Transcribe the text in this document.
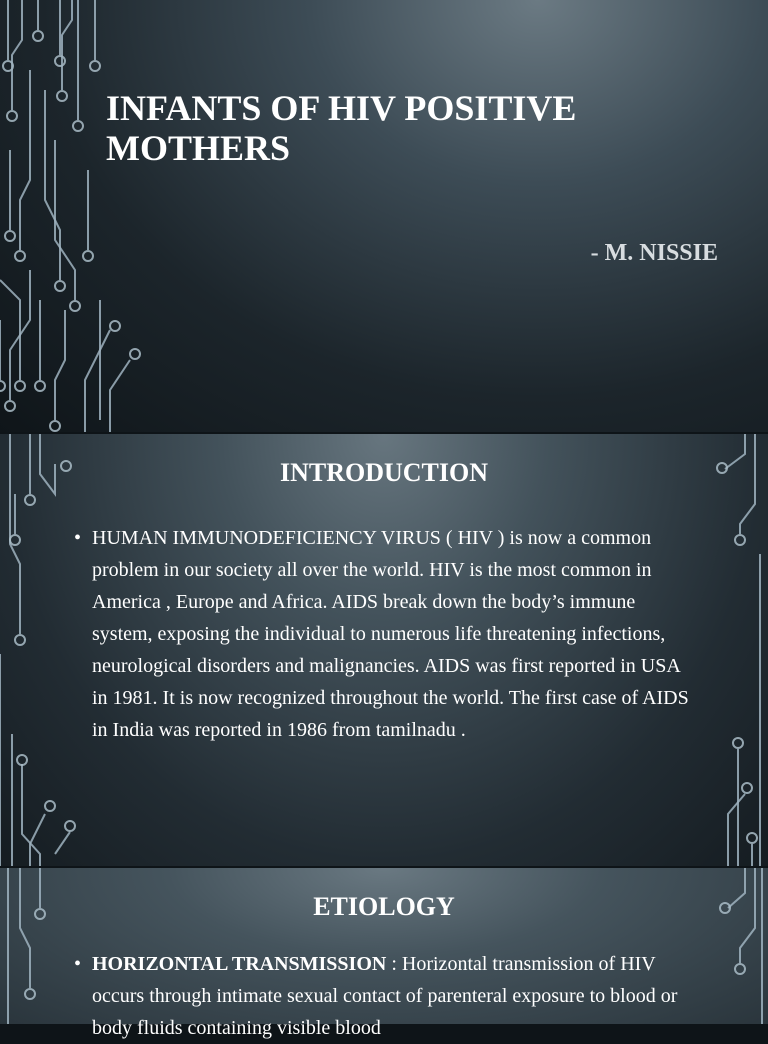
INFANTS OF HIV POSITIVE MOTHERS

- M. NISSIE

INTRODUCTION
• HUMAN IMMUNODEFICIENCY VIRUS ( HIV ) is now a common problem in our society all over the world. HIV is the most common in America , Europe and Africa. AIDS break down the body’s immune system, exposing the individual to numerous life threatening infections, neurological disorders and malignancies. AIDS was first reported in USA in 1981. It is now recognized throughout the world. The first case of AIDS in India was reported in 1986 from tamilnadu .
ETIOLOGY
• HORIZONTAL TRANSMISSION : Horizontal transmission of HIV occurs through intimate sexual contact of parenteral exposure to blood or body fluids containing visible blood
